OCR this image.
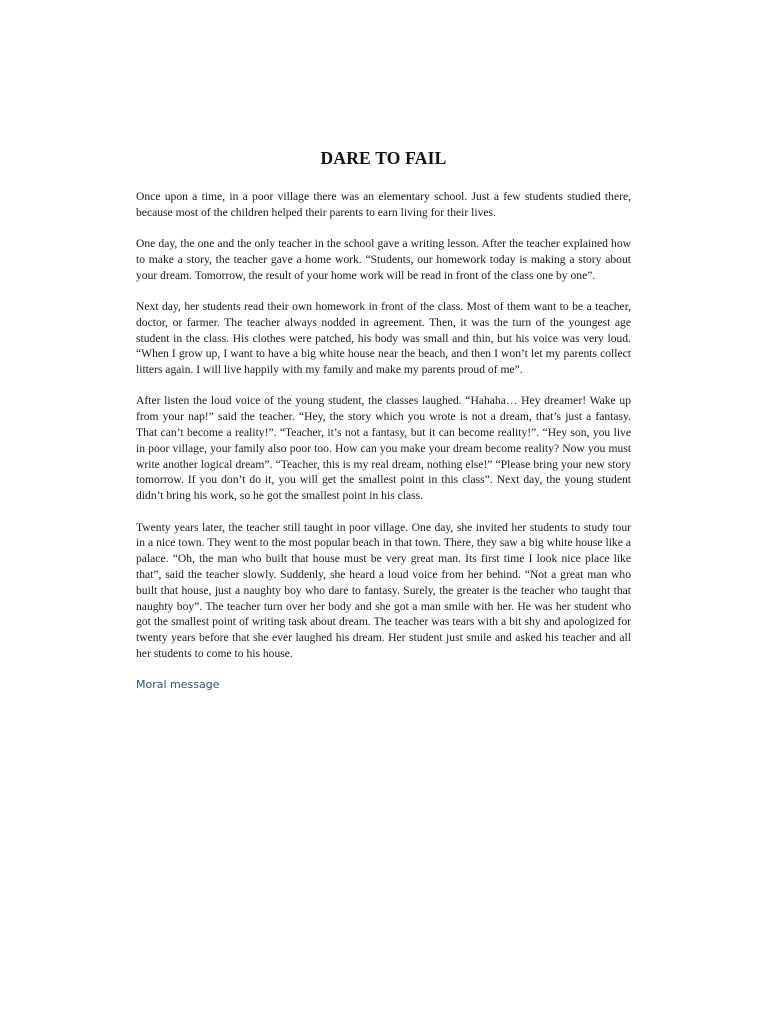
DARE TO FAIL

Once upon a time, in a poor village there was an elementary school. Just a few students studied there, because most of the children helped their parents to earn living for their lives.

One day, the one and the only teacher in the school gave a writing lesson. After the teacher explained how to make a story, the teacher gave a home work. “Students, our homework today is making a story about your dream. Tomorrow, the result of your home work will be read in front of the class one by one”.

Next day, her students read their own homework in front of the class. Most of them want to be a teacher, doctor, or farmer. The teacher always nodded in agreement. Then, it was the turn of the youngest age student in the class. His clothes were patched, his body was small and thin, but his voice was very loud. “When I grow up, I want to have a big white house near the beach, and then I won’t let my parents collect litters again. I will live happily with my family and make my parents proud of me”.

After listen the loud voice of the young student, the classes laughed. “Hahaha… Hey dreamer! Wake up from your nap!” said the teacher. “Hey, the story which you wrote is not a dream, that’s just a fantasy. That can’t become a reality!”. “Teacher, it’s not a fantasy, but it can become reality!”. “Hey son, you live in poor village, your family also poor too. How can you make your dream become reality? Now you must write another logical dream”. “Teacher, this is my real dream, nothing else!” “Please bring your new story tomorrow. If you don’t do it, you will get the smallest point in this class”. Next day, the young student didn’t bring his work, so he got the smallest point in his class.

Twenty years later, the teacher still taught in poor village. One day, she invited her students to study tour in a nice town. They went to the most popular beach in that town. There, they saw a big white house like a palace. “Oh, the man who built that house must be very great man. Its first time I look nice place like that”, said the teacher slowly. Suddenly, she heard a loud voice from her behind. “Not a great man who built that house, just a naughty boy who dare to fantasy. Surely, the greater is the teacher who taught that naughty boy”. The teacher turn over her body and she got a man smile with her. He was her student who got the smallest point of writing task about dream. The teacher was tears with a bit shy and apologized for twenty years before that she ever laughed his dream. Her student just smile and asked his teacher and all her students to come to his house.

Moral message
